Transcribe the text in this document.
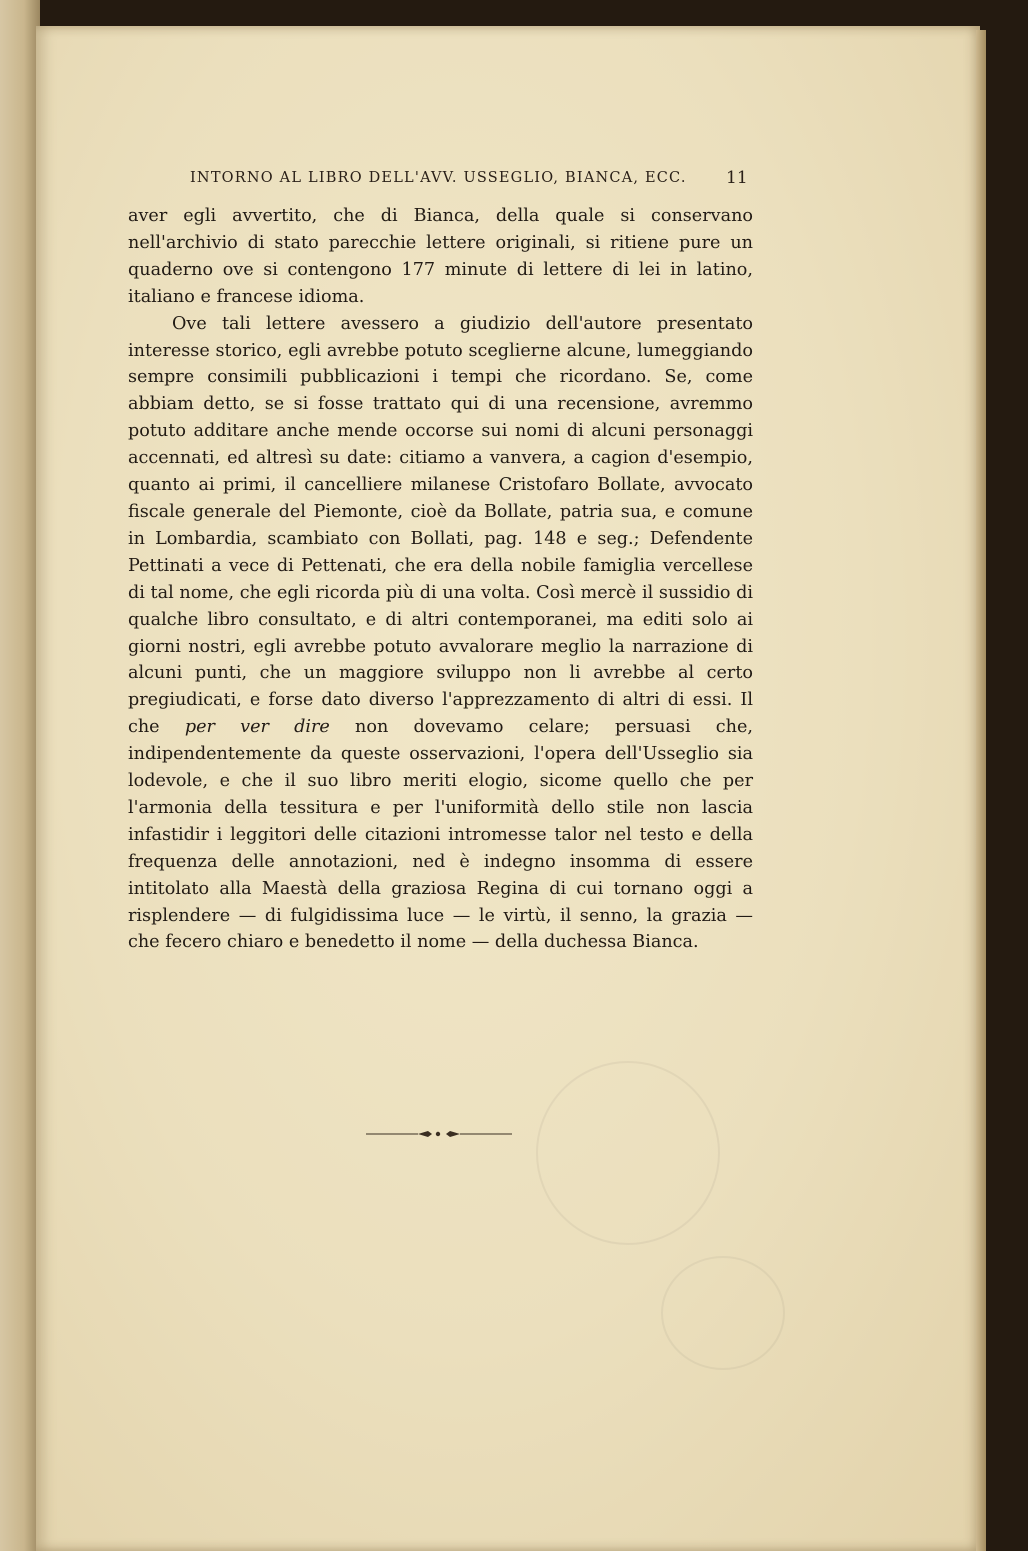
INTORNO AL LIBRO DELL'AVV. USSEGLIO, BIANCA, ECC. 11

aver egli avvertito, che di Bianca, della quale si conservano nell'archivio di stato parecchie lettere originali, si ritiene pure un quaderno ove si contengono 177 minute di lettere di lei in latino, italiano e francese idioma.

Ove tali lettere avessero a giudizio dell'autore presentato interesse storico, egli avrebbe potuto sceglierne alcune, lumeggiando sempre consimili pubblicazioni i tempi che ricordano. Se, come abbiam detto, se si fosse trattato qui di una recensione, avremmo potuto additare anche mende occorse sui nomi di alcuni personaggi accennati, ed altresì su date: citiamo a vanvera, a cagion d'esempio, quanto ai primi, il cancelliere milanese Cristofaro Bollate, avvocato fiscale generale del Piemonte, cioè da Bollate, patria sua, e comune in Lombardia, scambiato con Bollati, pag. 148 e seg.; Defendente Pettinati a vece di Pettenati, che era della nobile famiglia vercellese di tal nome, che egli ricorda più di una volta. Così mercè il sussidio di qualche libro consultato, e di altri contemporanei, ma editi solo ai giorni nostri, egli avrebbe potuto avvalorare meglio la narrazione di alcuni punti, che un maggiore sviluppo non li avrebbe al certo pregiudicati, e forse dato diverso l'apprezzamento di altri di essi. Il che per ver dire non dovevamo celare; persuasi che, indipendentemente da queste osservazioni, l'opera dell'Usseglio sia lodevole, e che il suo libro meriti elogio, sicome quello che per l'armonia della tessitura e per l'uniformità dello stile non lascia infastidir i leggitori delle citazioni intromesse talor nel testo e della frequenza delle annotazioni, ned è indegno insomma di essere intitolato alla Maestà della graziosa Regina di cui tornano oggi a risplendere — di fulgidissima luce — le virtù, il senno, la grazia — che fecero chiaro e benedetto il nome — della duchessa Bianca.
